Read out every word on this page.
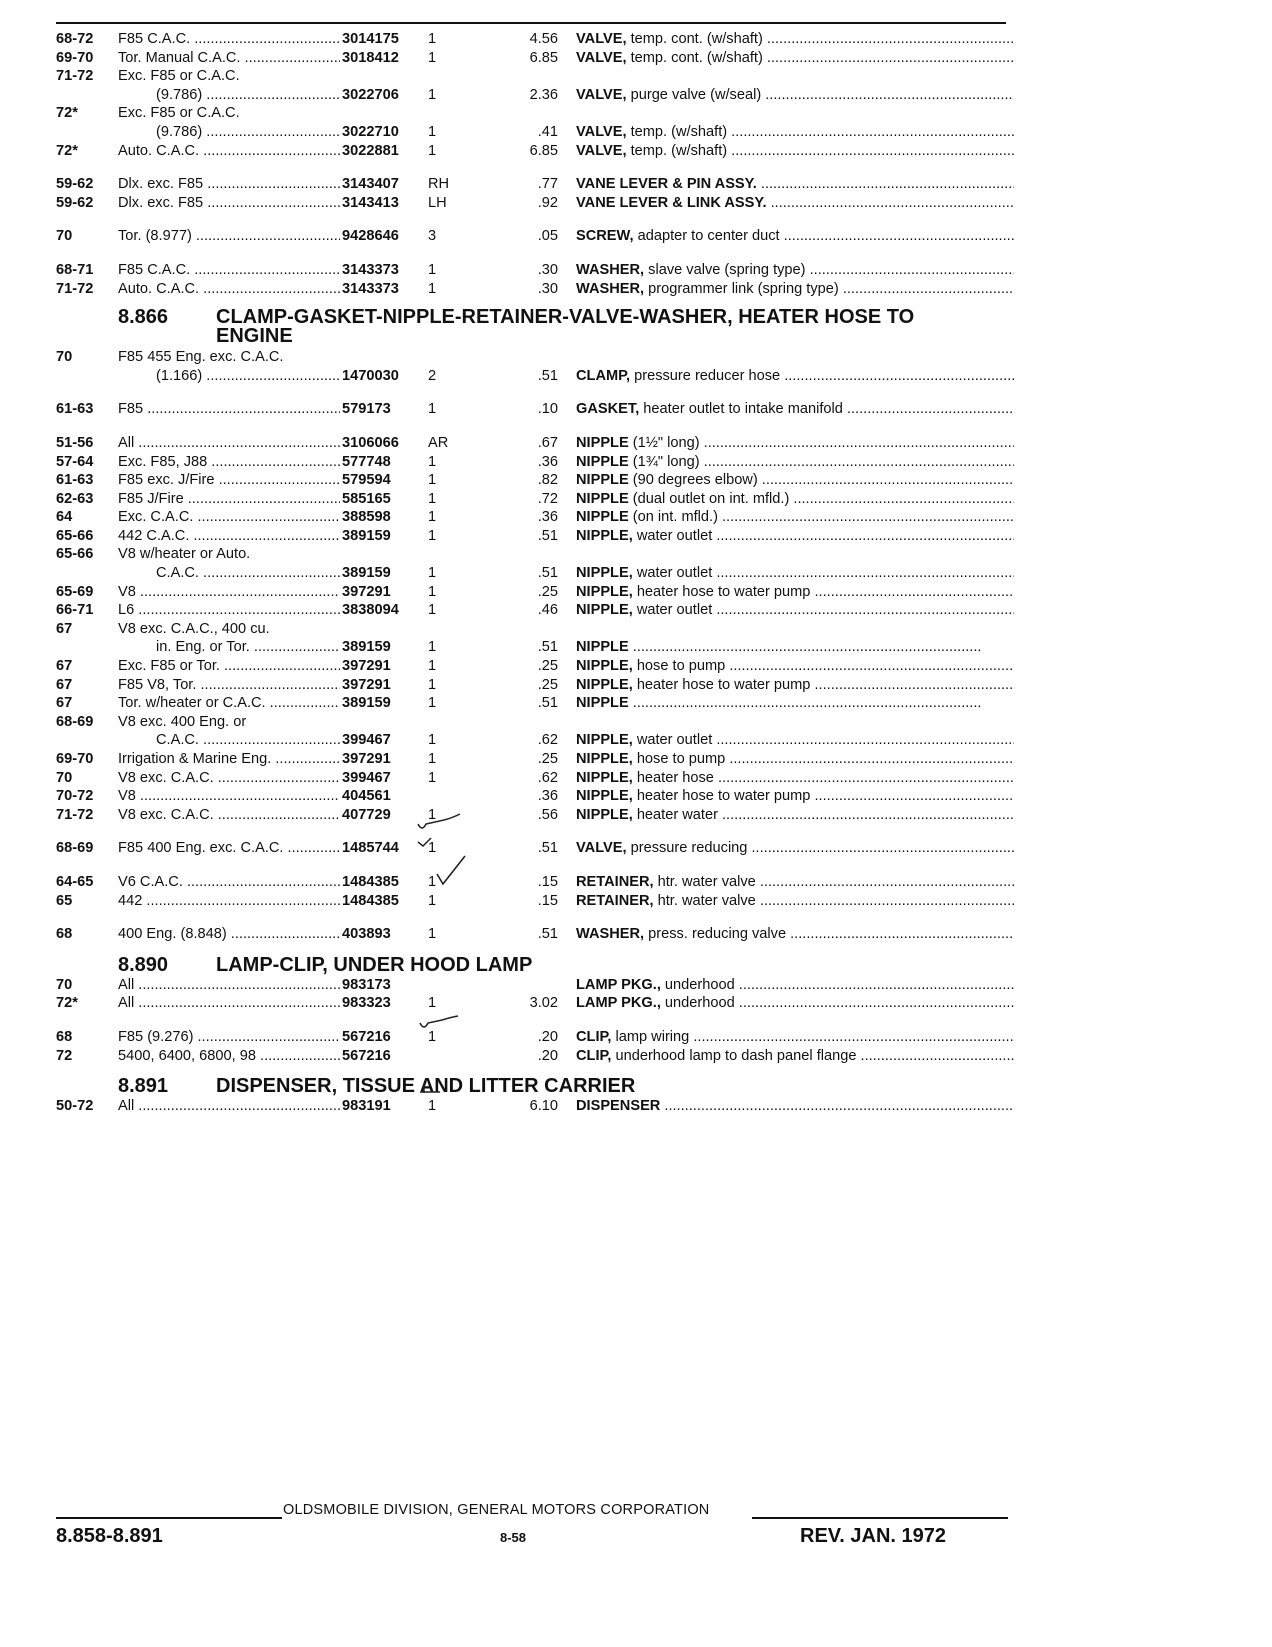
68-72	F85 C.A.C. .....	3014175	1	4.56 VALVE, temp. cont. (w/shaft) .....
69-70	Tor. Manual C.A.C. .....	3018412	1	6.85 VALVE, temp. cont. (w/shaft) .....
71-72	Exc. F85 or C.A.C.
(9.786) .....	3022706	1	2.36 VALVE, purge valve (w/seal) .....
72*	Exc. F85 or C.A.C.
(9.786) .....	3022710	1	.41 VALVE, temp. (w/shaft) .....
72*	Auto. C.A.C. .....	3022881	1	6.85 VALVE, temp. (w/shaft) .....
59-62	Dlx. exc. F85 .....	3143407	RH	.77 VANE LEVER & PIN ASSY. .....
59-62	Dlx. exc. F85 .....	3143413	LH	.92 VANE LEVER & LINK ASSY. .....
70	Tor. (8.977) .....	9428646	3	.05 SCREW, adapter to center duct .....
68-71	F85 C.A.C. .....	3143373	1	.30 WASHER, slave valve (spring type) .....
71-72	Auto. C.A.C. .....	3143373	1	.30 WASHER, programmer link (spring type) .....
8.866 CLAMP-GASKET-NIPPLE-RETAINER-VALVE-WASHER, HEATER HOSE TO ENGINE
70	F85 455 Eng. exc. C.A.C.
(1.166) .....	1470030	2	.51 CLAMP, pressure reducer hose .....
61-63	F85 .....	579173	1	.10 GASKET, heater outlet to intake manifold .....
51-56	All .....	3106066	AR	.67 NIPPLE (1½" long) .....
57-64	Exc. F85, J88 .....	577748	1	.36 NIPPLE (1¾" long) .....
61-63	F85 exc. J/Fire .....	579594	1	.82 NIPPLE (90 degrees elbow) .....
62-63	F85 J/Fire .....	585165	1	.72 NIPPLE (dual outlet on int. mfld.) .....
64	Exc. C.A.C. .....	388598	1	.36 NIPPLE (on int. mfld.) .....
65-66	442 C.A.C. .....	389159	1	.51 NIPPLE, water outlet .....
65-66	V8 w/heater or Auto.
C.A.C. .....	389159	1	.51 NIPPLE, water outlet .....
65-69	V8 .....	397291	1	.25 NIPPLE, heater hose to water pump .....
66-71	L6 .....	3838094	1	.46 NIPPLE, water outlet .....
67	V8 exc. C.A.C., 400 cu.
in. Eng. or Tor. .....	389159	1	.51 NIPPLE .....
67	Exc. F85 or Tor. .....	397291	1	.25 NIPPLE, hose to pump .....
67	F85 V8, Tor. .....	397291	1	.25 NIPPLE, heater hose to water pump .....
67	Tor. w/heater or C.A.C. .....	389159	1	.51 NIPPLE .....
68-69	V8 exc. 400 Eng. or
C.A.C. .....	399467	1	.62 NIPPLE, water outlet .....
69-70	Irrigation & Marine Eng. .....	397291	1	.25 NIPPLE, hose to pump .....
70	V8 exc. C.A.C. .....	399467	1	.62 NIPPLE, heater hose .....
70-72	V8 .....	404561	.36 NIPPLE, heater hose to water pump .....
71-72	V8 exc. C.A.C. .....	407729	1	.56 NIPPLE, heater water .....
68-69	F85 400 Eng. exc. C.A.C. .....	1485744	1	.51 VALVE, pressure reducing .....
64-65	V6 C.A.C. .....	1484385	1	.15 RETAINER, htr. water valve .....
65	442 .....	1484385	1	.15 RETAINER, htr. water valve .....
68	400 Eng. (8.848) .....	403893	1	.51 WASHER, press. reducing valve .....
8.890 LAMP-CLIP, UNDER HOOD LAMP
70	All .....	983173	LAMP PKG., underhood .....
72*	All .....	983323	1	3.02 LAMP PKG., underhood .....
68	F85 (9.276) .....	567216	1	.20 CLIP, lamp wiring .....
72	5400, 6400, 6800, 98 .....	567216	.20 CLIP, underhood lamp to dash panel flange .....
8.891 DISPENSER, TISSUE AND LITTER CARRIER
50-72	All .....	983191	1	6.10 DISPENSER .....
OLDSMOBILE DIVISION, GENERAL MOTORS CORPORATION
8.858-8.891	8-58	REV. JAN. 1972
